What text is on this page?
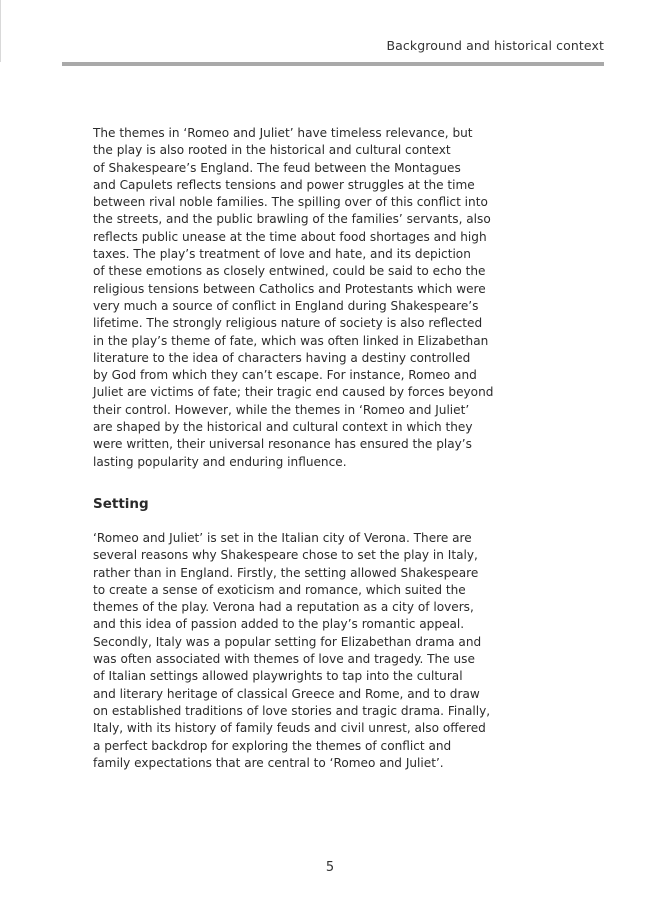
Background and historical context

The themes in ‘Romeo and Juliet’ have timeless relevance, but
the play is also rooted in the historical and cultural context
of Shakespeare’s England. The feud between the Montagues
and Capulets reflects tensions and power struggles at the time
between rival noble families. The spilling over of this conflict into
the streets, and the public brawling of the families’ servants, also
reflects public unease at the time about food shortages and high
taxes. The play’s treatment of love and hate, and its depiction
of these emotions as closely entwined, could be said to echo the
religious tensions between Catholics and Protestants which were
very much a source of conflict in England during Shakespeare’s
lifetime. The strongly religious nature of society is also reflected
in the play’s theme of fate, which was often linked in Elizabethan
literature to the idea of characters having a destiny controlled
by God from which they can’t escape. For instance, Romeo and
Juliet are victims of fate; their tragic end caused by forces beyond
their control. However, while the themes in ‘Romeo and Juliet’
are shaped by the historical and cultural context in which they
were written, their universal resonance has ensured the play’s
lasting popularity and enduring influence.

Setting

‘Romeo and Juliet’ is set in the Italian city of Verona. There are
several reasons why Shakespeare chose to set the play in Italy,
rather than in England. Firstly, the setting allowed Shakespeare
to create a sense of exoticism and romance, which suited the
themes of the play. Verona had a reputation as a city of lovers,
and this idea of passion added to the play’s romantic appeal.
Secondly, Italy was a popular setting for Elizabethan drama and
was often associated with themes of love and tragedy. The use
of Italian settings allowed playwrights to tap into the cultural
and literary heritage of classical Greece and Rome, and to draw
on established traditions of love stories and tragic drama. Finally,
Italy, with its history of family feuds and civil unrest, also offered
a perfect backdrop for exploring the themes of conflict and
family expectations that are central to ‘Romeo and Juliet’.

5
